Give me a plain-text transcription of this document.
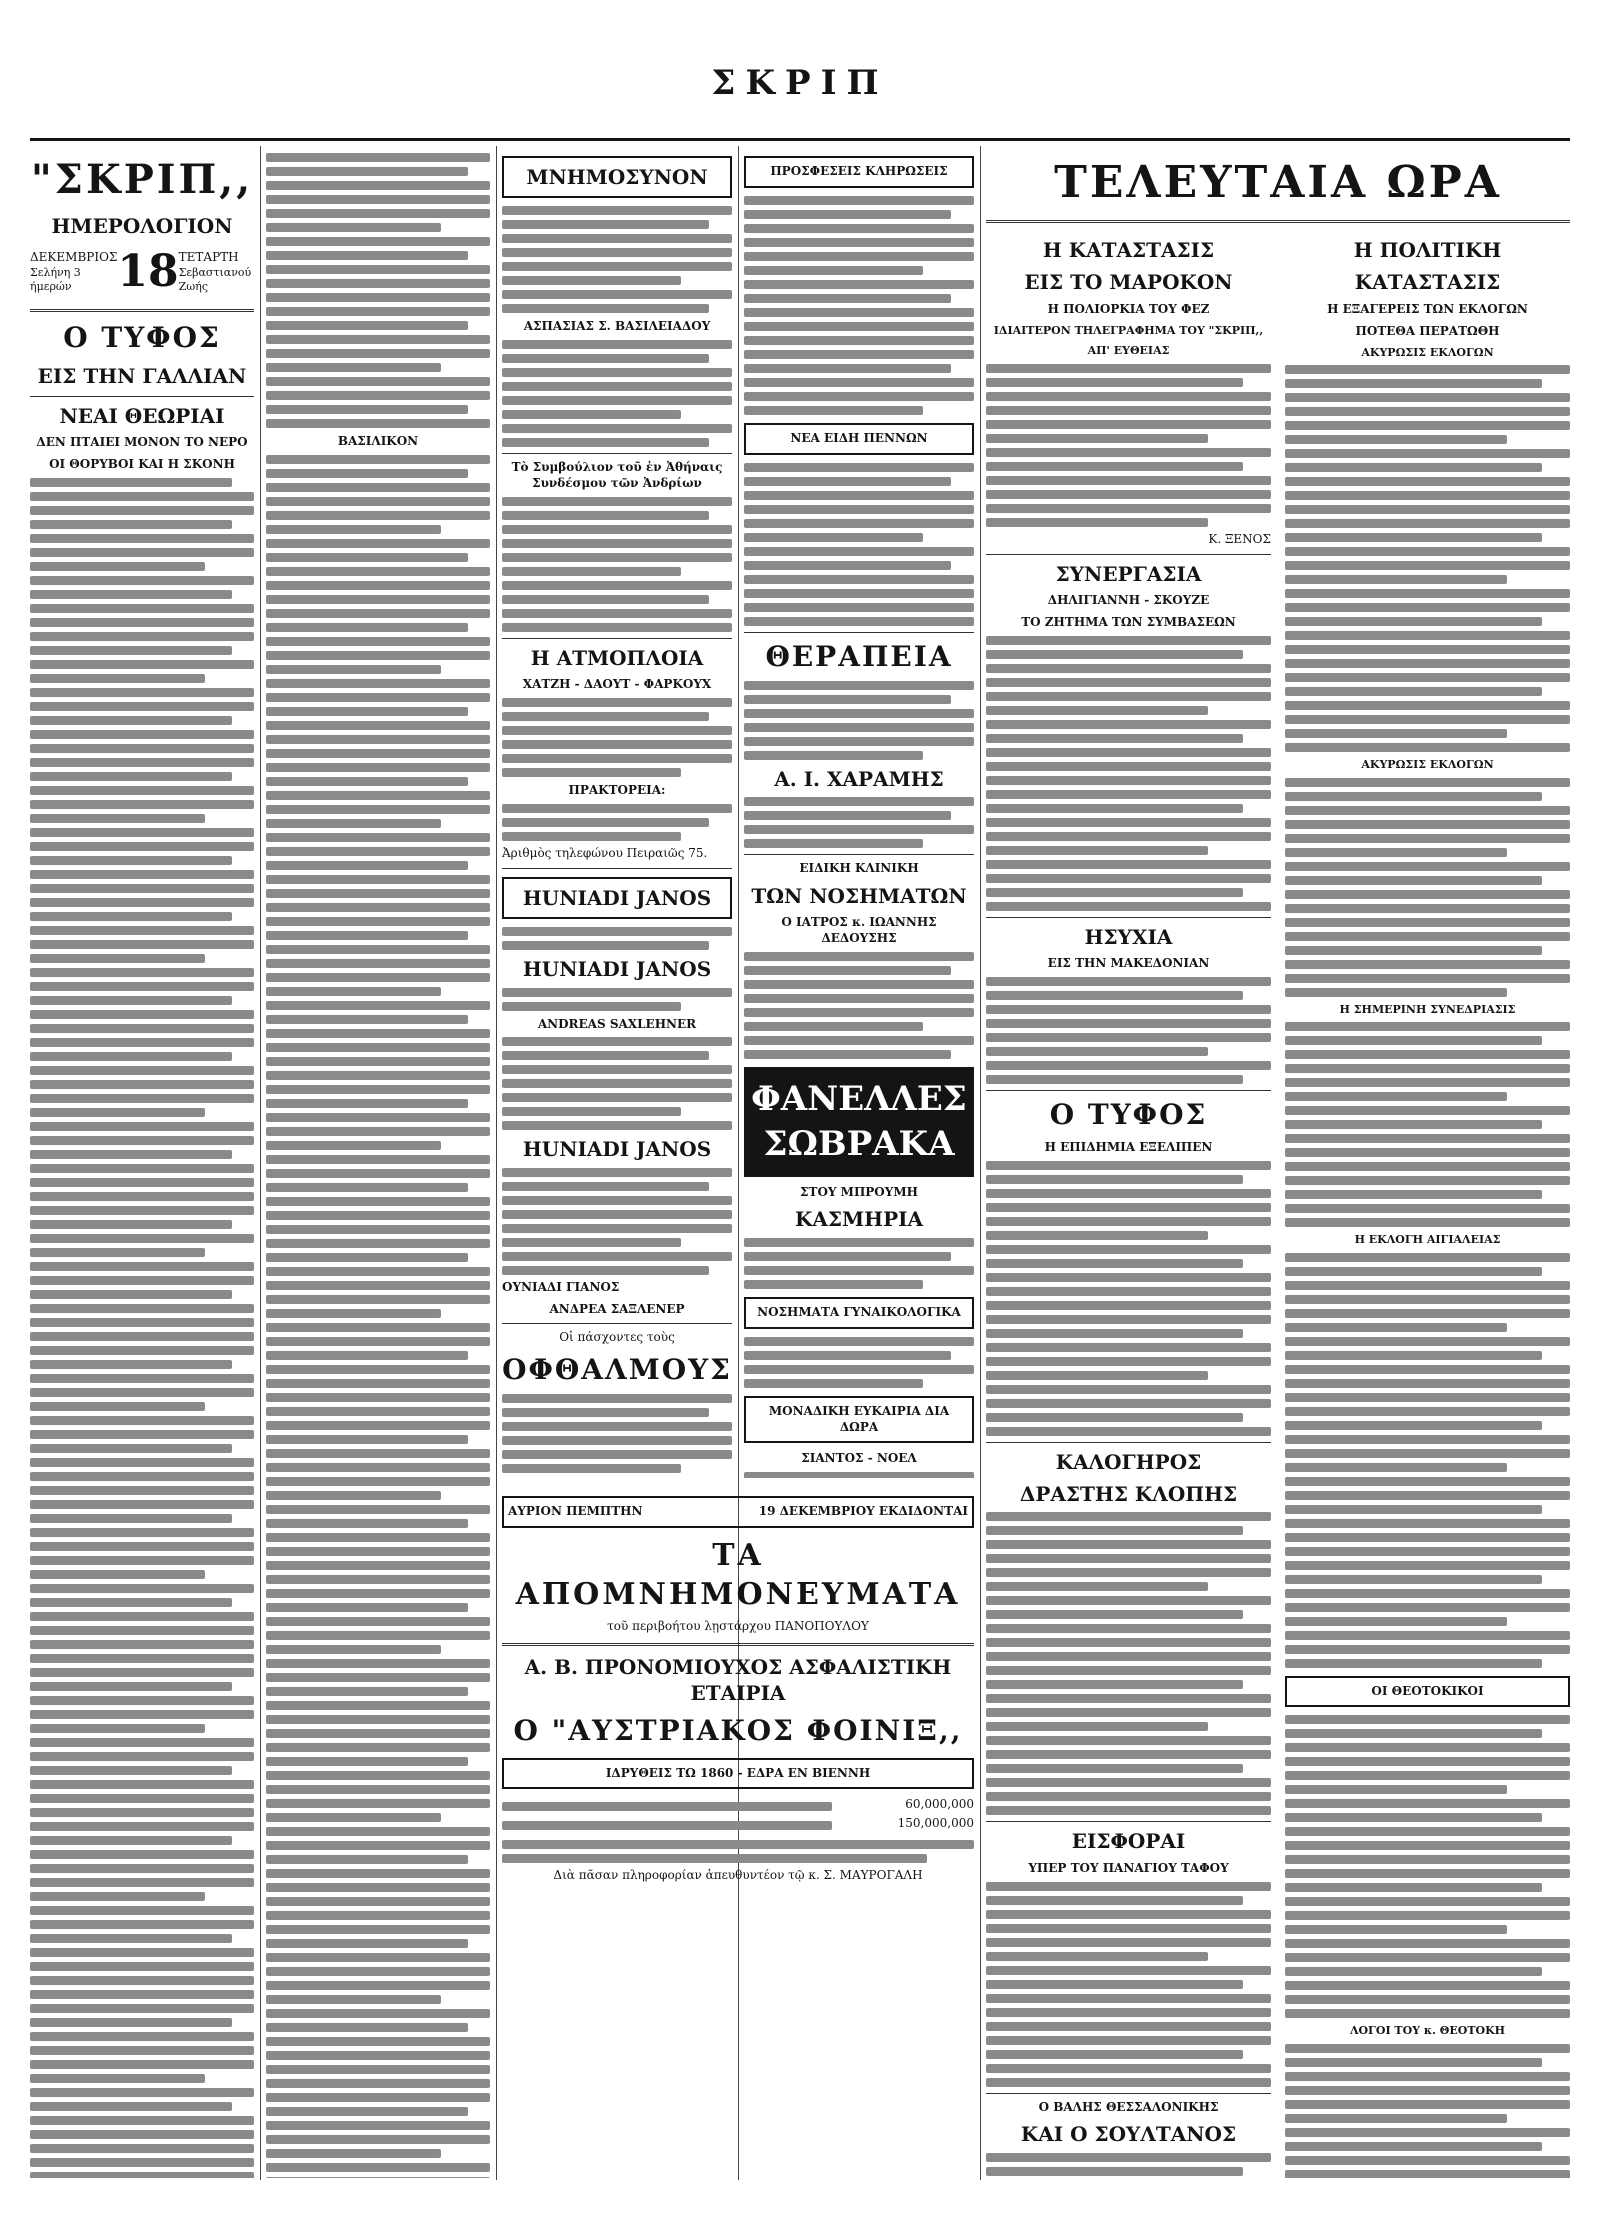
ΣΚΡΙΠ
"ΣΚΡΙΠ,,
ΗΜΕΡΟΛΟΓΙΟΝ
ΔΕΚΕΜΒΡΙΟΣ
Σελήνη 3 ήμερών	18 ΤΕΤΑΡΤΗ
Σεβαστιανού Ζωής
Ο ΤΥΦΟΣ
ΕΙΣ ΤΗΝ ΓΑΛΛΙΑΝ
ΝΕΑΙ ΘΕΩΡΙΑΙ
ΔΕΝ ΠΤΑΙΕΙ ΜΟΝΟΝ ΤΟ ΝΕΡΟ
ΟΙ ΘΟΡΥΒΟΙ ΚΑΙ Η ΣΚΟΝΗ
ΒΑΣΙΛΙΚΟΝ
ΜΝΗΜΟΣΥΝΟΝ
ΑΣΠΑΣΙΑΣ Σ. ΒΑΣΙΛΕΙΑΔΟΥ
Τὸ Συμβούλιον τοῦ ἐν Ἀθήναις Συνδέσμου τῶν Ἀνδρίων
Η ΑΤΜΟΠΛΟΙΑ
ΧΑΤΖΗ - ΔΑΟΥΤ - ΦΑΡΚΟΥΧ
ΠΡΑΚΤΟΡΕΙΑ:
Ἀριθμὸς τηλεφώνου Πειραιῶς 75.
HUNIADI JANOS
HUNIADI JANOS
ANDREAS SAXLEHNER
HUNIADI JANOS
ΟΥΝΙΑΔΙ ΓΙΑΝΟΣ
ΑΝΔΡΕΑ ΣΑΞΛΕΝΕΡ
Οἱ πάσχοντες τοὺς
ΟΦΘΑΛΜΟΥΣ
ΠΡΟΣΦΕΣΕΙΣ ΚΛΗΡΩΣΕΙΣ
ΝΕΑ ΕΙΔΗ ΠΕΝΝΩΝ
ΘΕΡΑΠΕΙΑ
Α. Ι. ΧΑΡΑΜΗΣ
ΕΙΔΙΚΗ ΚΛΙΝΙΚΗ
ΤΩΝ ΝΟΣΗΜΑΤΩΝ
Ο ΙΑΤΡΟΣ κ. ΙΩΑΝΝΗΣ ΔΕΔΟΥΣΗΣ
ΦΑΝΕΛΛΕΣ
ΣΩΒΡΑΚΑ
ΣΤΟΥ ΜΠΡΟΥΜΗ
ΚΑΣΜΗΡΙΑ
ΝΟΣΗΜΑΤΑ ΓΥΝΑΙΚΟΛΟΓΙΚΑ
ΜΟΝΑΔΙΚΗ ΕΥΚΑΙΡΙΑ ΔΙΑ ΔΩΡΑ
ΣΙΑΝΤΟΣ - ΝΟΕΛ
ΑΥΡΙΟΝ ΠΕΜΠΤΗΝ	19 ΔΕΚΕΜΒΡΙΟΥ ΕΚΔΙΔΟΝΤΑΙ
ΤΑ ΑΠΟΜΝΗΜΟΝΕΥΜΑΤΑ
τοῦ περιβοήτου λῃστάρχου ΠΑΝΟΠΟΥΛΟΥ
Α. Β. ΠΡΟΝΟΜΙΟΥΧΟΣ ΑΣΦΑΛΙΣΤΙΚΗ ΕΤΑΙΡΙΑ
Ο "ΑΥΣΤΡΙΑΚΟΣ ΦΟΙΝΙΞ,,
ΙΔΡΥΘΕΙΣ ΤΩ 1860 - ΕΔΡΑ ΕΝ ΒΙΕΝΝΗ
60,000,000
150,000,000
Διὰ πᾶσαν πληροφορίαν ἀπευθυντέον τῷ κ. Σ. ΜΑΥΡΟΓΑΛΗ
ΤΕΛΕΥΤΑΙΑ ΩΡΑ
Η ΚΑΤΑΣΤΑΣΙΣ
ΕΙΣ ΤΟ ΜΑΡΟΚΟΝ
Η ΠΟΛΙΟΡΚΙΑ ΤΟΥ ΦΕΖ
ΙΔΙΑΙΤΕΡΟΝ ΤΗΛΕΓΡΑΦΗΜΑ ΤΟΥ "ΣΚΡΙΠ,,
ΑΠ' ΕΥΘΕΙΑΣ
Κ. ΞΕΝΟΣ
ΣΥΝΕΡΓΑΣΙΑ
ΔΗΛΙΓΙΑΝΝΗ - ΣΚΟΥΖΕ
ΤΟ ΖΗΤΗΜΑ ΤΩΝ ΣΥΜΒΑΣΕΩΝ
ΗΣΥΧΙΑ
ΕΙΣ ΤΗΝ ΜΑΚΕΔΟΝΙΑΝ
Ο ΤΥΦΟΣ
Η ΕΠΙΔΗΜΙΑ ΕΞΕΛΙΠΕΝ
ΚΑΛΟΓΗΡΟΣ
ΔΡΑΣΤΗΣ ΚΛΟΠΗΣ
ΕΙΣΦΟΡΑΙ
ΥΠΕΡ ΤΟΥ ΠΑΝΑΓΙΟΥ ΤΑΦΟΥ
Ο ΒΑΛΗΣ ΘΕΣΣΑΛΟΝΙΚΗΣ
ΚΑΙ Ο ΣΟΥΛΤΑΝΟΣ
Η ΠΟΛΙΤΙΚΗ
ΚΑΤΑΣΤΑΣΙΣ
Η ΕΞΑΓΕΡΕΙΣ ΤΩΝ ΕΚΛΟΓΩΝ
ΠΟΤΕΘΑ ΠΕΡΑΤΩΘΗ
ΑΚΥΡΩΣΙΣ ΕΚΛΟΓΩΝ
ΑΚΥΡΩΣΙΣ ΕΚΛΟΓΩΝ
Η ΣΗΜΕΡΙΝΗ ΣΥΝΕΔΡΙΑΣΙΣ
Η ΕΚΛΟΓΗ ΑΙΓΙΑΛΕΙΑΣ
ΟΙ ΘΕΟΤΟΚΙΚΟΙ
ΛΟΓΟΙ ΤΟΥ κ. ΘΕΟΤΟΚΗ
